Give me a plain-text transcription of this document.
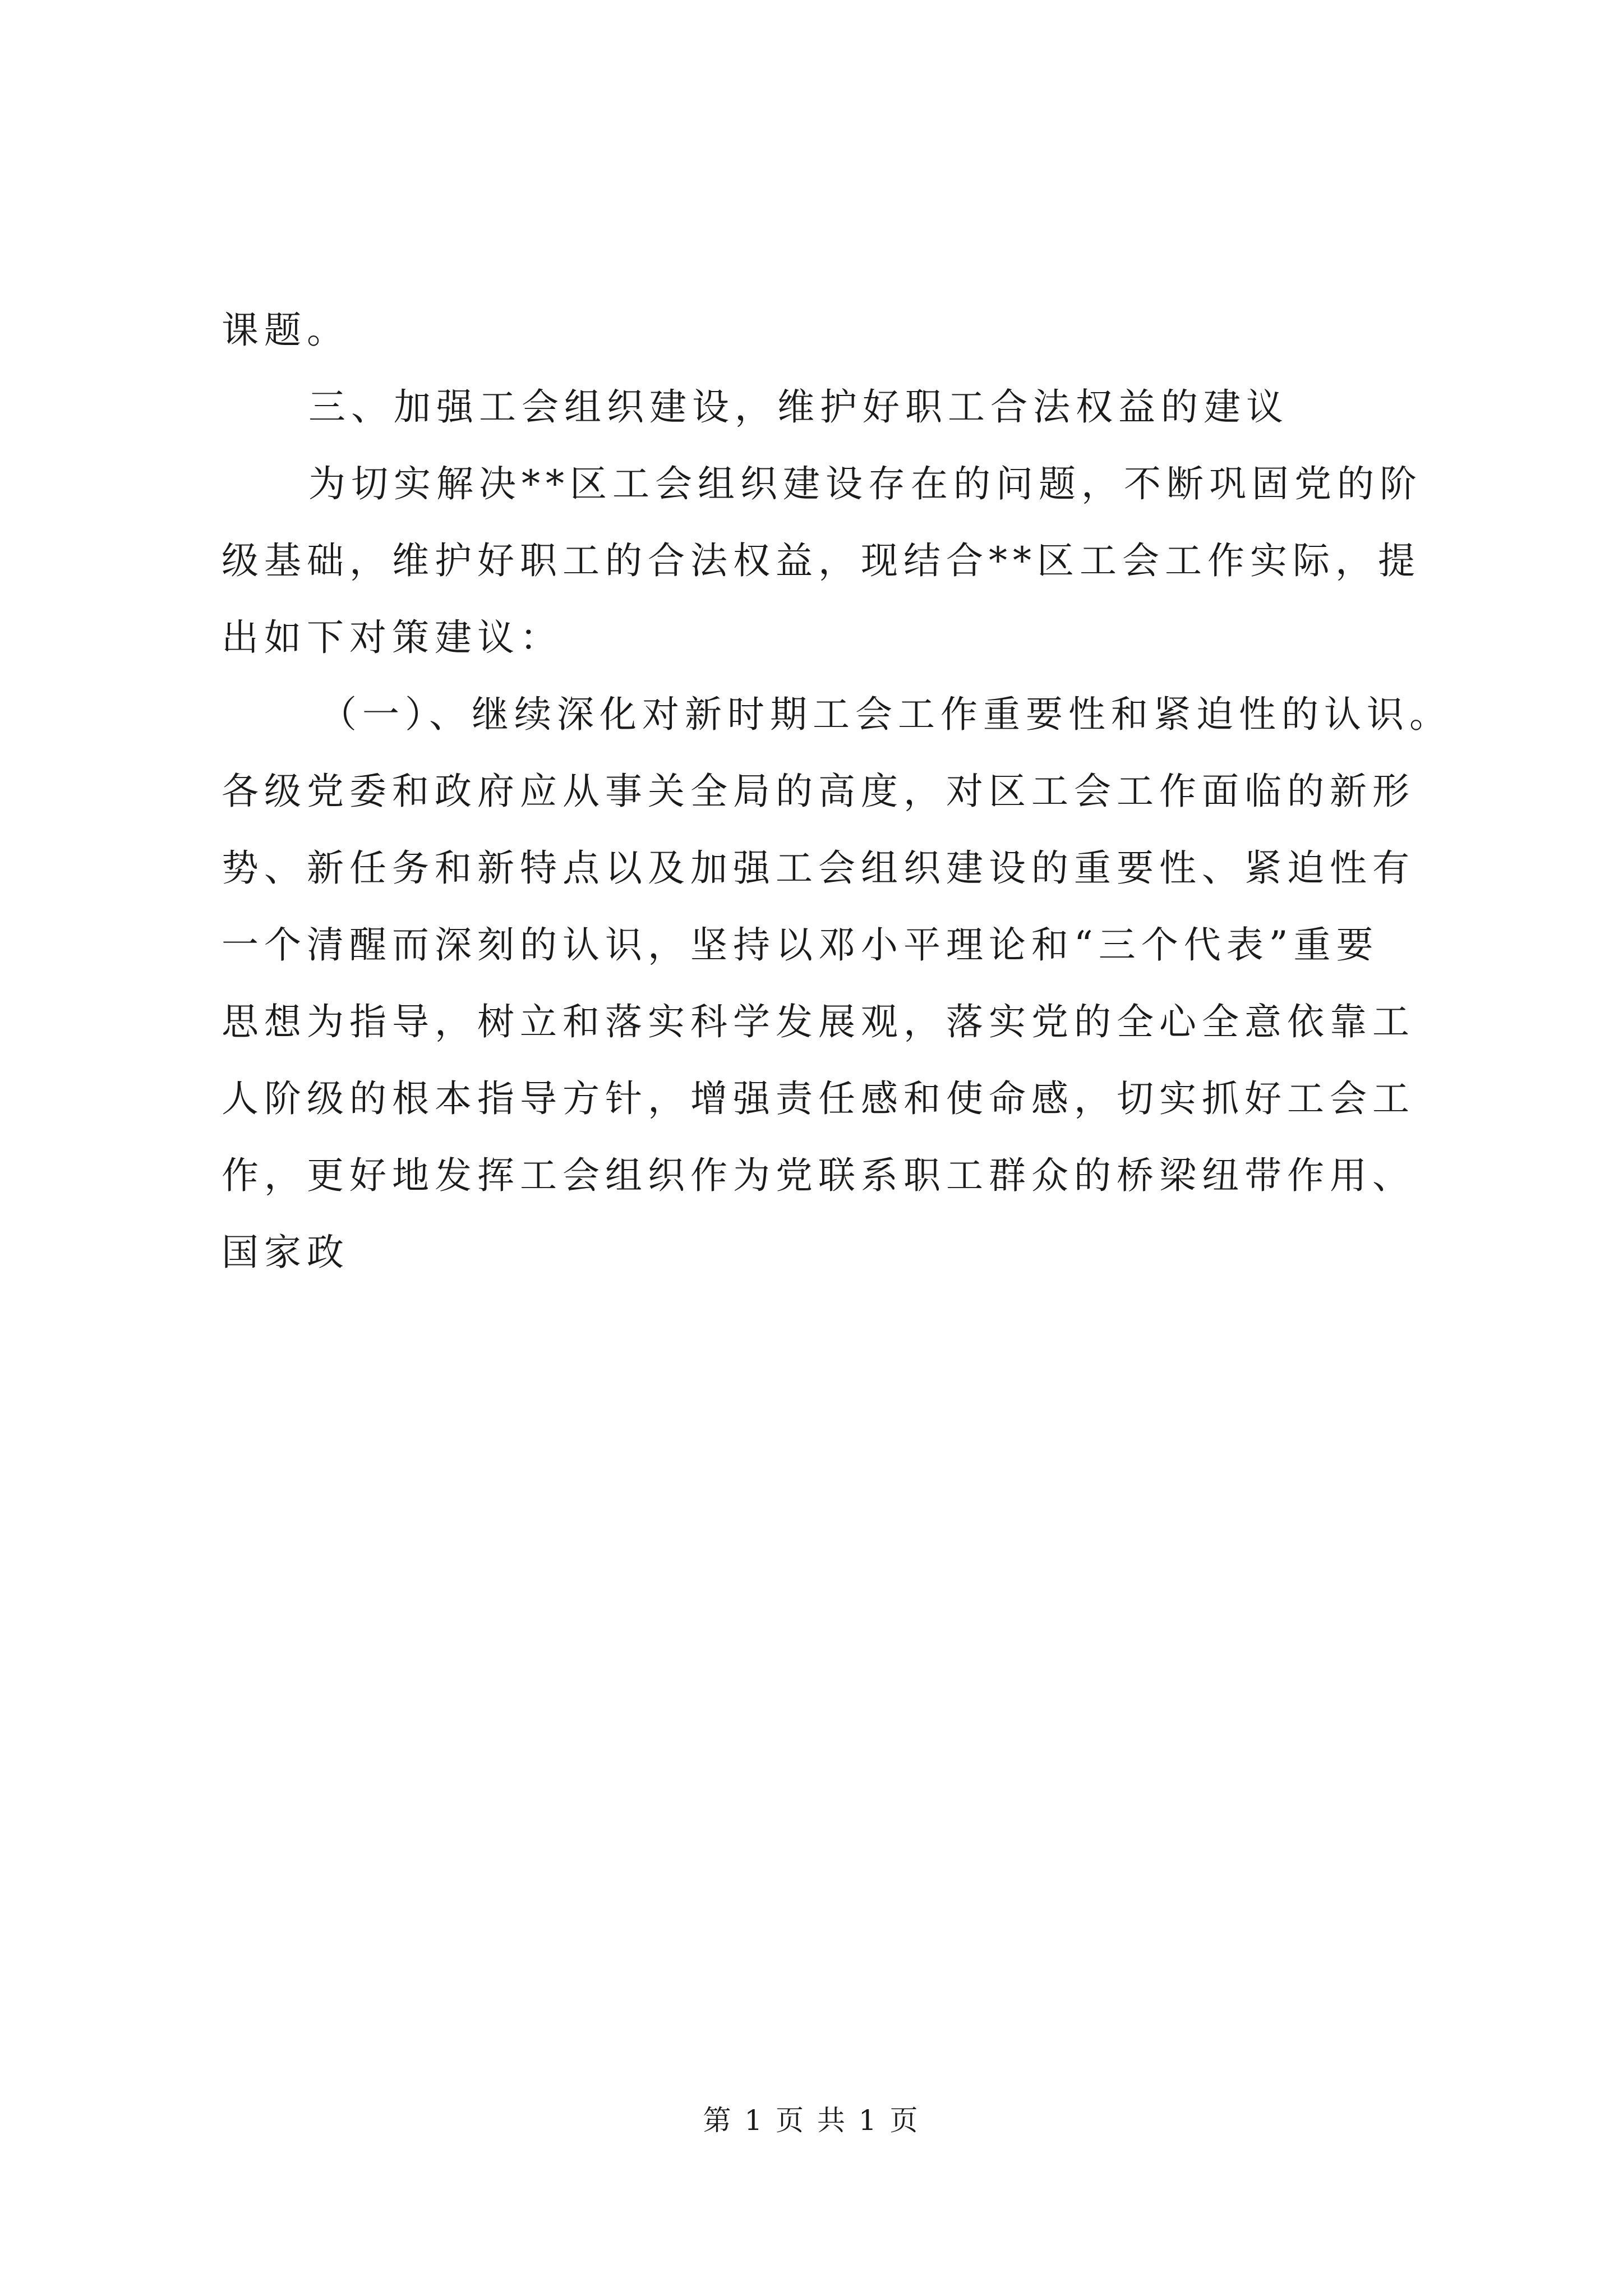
课题。
三、加强工会组织建设，维护好职工合法权益的建议
为切实解决**区工会组织建设存在的问题，不断巩固党的阶
级基础，维护好职工的合法权益，现结合**区工会工作实际，提
出如下对策建议：
（一）、继续深化对新时期工会工作重要性和紧迫性的认识。
各级党委和政府应从事关全局的高度，对区工会工作面临的新形
势、新任务和新特点以及加强工会组织建设的重要性、紧迫性有
一个清醒而深刻的认识，坚持以邓小平理论和“三个代表”重要
思想为指导，树立和落实科学发展观，落实党的全心全意依靠工
人阶级的根本指导方针，增强责任感和使命感，切实抓好工会工
作，更好地发挥工会组织作为党联系职工群众的桥梁纽带作用、
国家政
第 1 页 共 1 页
